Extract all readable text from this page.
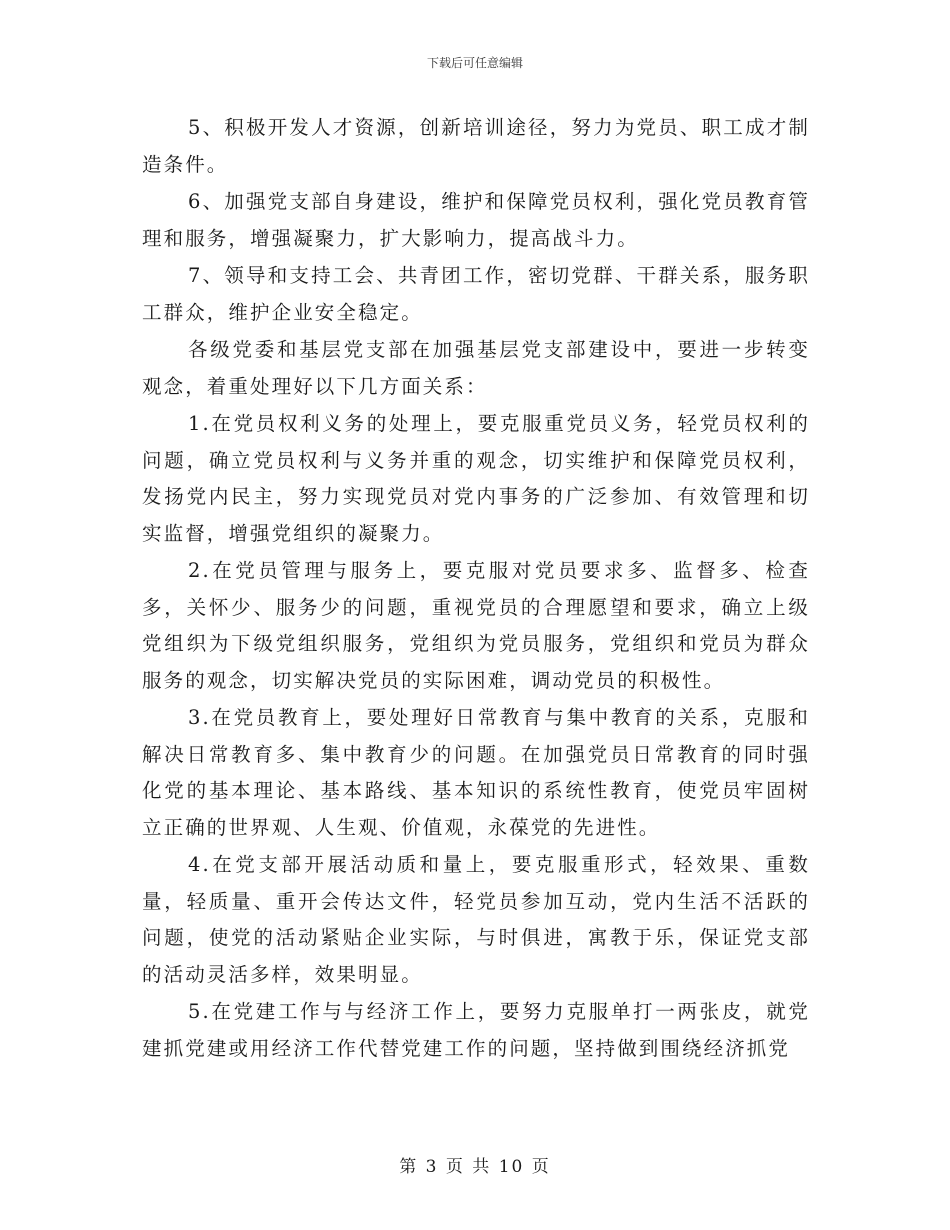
下载后可任意编辑

5、积极开发人才资源，创新培训途径，努力为党员、职工成才制造条件。

6、加强党支部自身建设，维护和保障党员权利，强化党员教育管理和服务，增强凝聚力，扩大影响力，提高战斗力。

7、领导和支持工会、共青团工作，密切党群、干群关系，服务职工群众，维护企业安全稳定。

各级党委和基层党支部在加强基层党支部建设中，要进一步转变观念，着重处理好以下几方面关系：

1.在党员权利义务的处理上，要克服重党员义务，轻党员权利的问题，确立党员权利与义务并重的观念，切实维护和保障党员权利，发扬党内民主，努力实现党员对党内事务的广泛参加、有效管理和切实监督，增强党组织的凝聚力。

2.在党员管理与服务上，要克服对党员要求多、监督多、检查多，关怀少、服务少的问题，重视党员的合理愿望和要求，确立上级党组织为下级党组织服务，党组织为党员服务，党组织和党员为群众服务的观念，切实解决党员的实际困难，调动党员的积极性。

3.在党员教育上，要处理好日常教育与集中教育的关系，克服和解决日常教育多、集中教育少的问题。在加强党员日常教育的同时强化党的基本理论、基本路线、基本知识的系统性教育，使党员牢固树立正确的世界观、人生观、价值观，永葆党的先进性。

4.在党支部开展活动质和量上，要克服重形式，轻效果、重数量，轻质量、重开会传达文件，轻党员参加互动，党内生活不活跃的问题，使党的活动紧贴企业实际，与时俱进，寓教于乐，保证党支部的活动灵活多样，效果明显。

5.在党建工作与与经济工作上，要努力克服单打一两张皮，就党建抓党建或用经济工作代替党建工作的问题，坚持做到围绕经济抓党

第 3 页 共 10 页
